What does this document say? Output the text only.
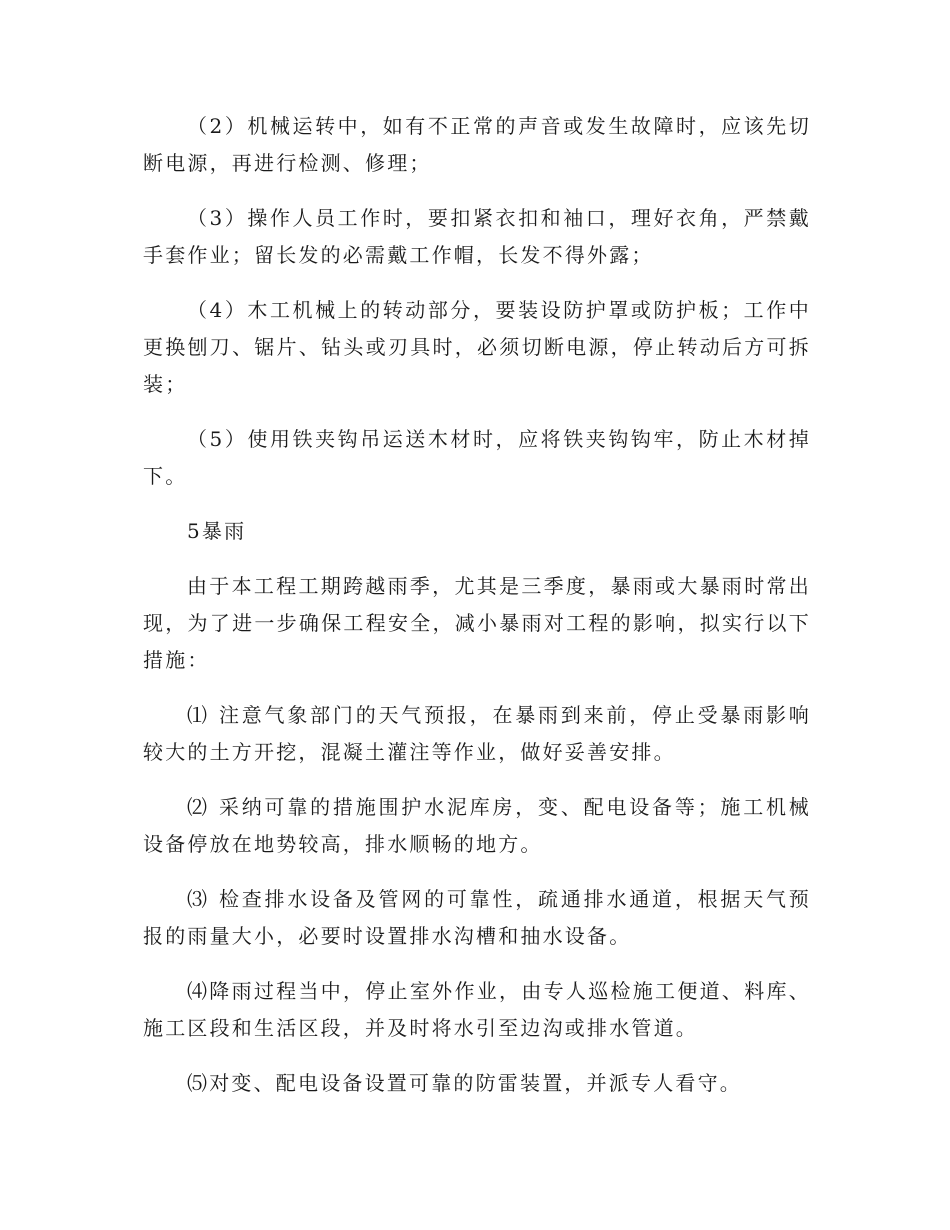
（2）机械运转中，如有不正常的声音或发生故障时，应该先切断电源，再进行检测、修理；

（3）操作人员工作时，要扣紧衣扣和袖口，理好衣角，严禁戴手套作业；留长发的必需戴工作帽，长发不得外露；

（4）木工机械上的转动部分，要装设防护罩或防护板；工作中更换刨刀、锯片、钻头或刃具时，必须切断电源，停止转动后方可拆装；

（5）使用铁夹钩吊运送木材时，应将铁夹钩钩牢，防止木材掉下。

5暴雨

由于本工程工期跨越雨季，尤其是三季度，暴雨或大暴雨时常出现，为了进一步确保工程安全，减小暴雨对工程的影响，拟实行以下措施：

⑴ 注意气象部门的天气预报，在暴雨到来前，停止受暴雨影响较大的土方开挖，混凝土灌注等作业，做好妥善安排。

⑵ 采纳可靠的措施围护水泥库房，变、配电设备等；施工机械设备停放在地势较高，排水顺畅的地方。

⑶ 检查排水设备及管网的可靠性，疏通排水通道，根据天气预报的雨量大小，必要时设置排水沟槽和抽水设备。

⑷降雨过程当中，停止室外作业，由专人巡检施工便道、料库、施工区段和生活区段，并及时将水引至边沟或排水管道。

⑸对变、配电设备设置可靠的防雷装置，并派专人看守。
